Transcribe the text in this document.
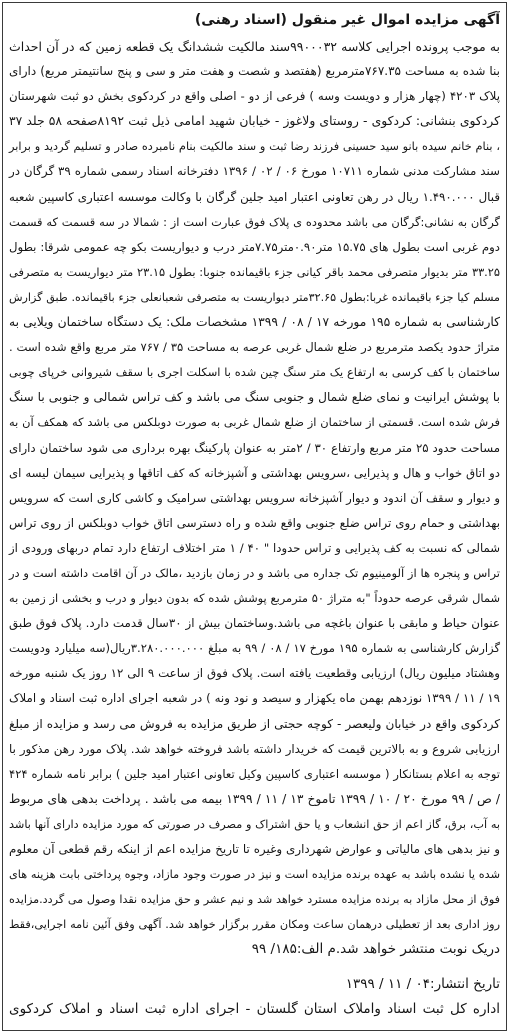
آگهی مزایده اموال غیر منقول (اسناد رهنی)
به موجب پرونده اجرایی کلاسه ۹۹۰۰۰۳۲سند مالکیت ششدانگ یک قطعه زمین که در آن احداث
بنا شده به مساحت ۷۶۷.۳۵مترمربع (هفتصد و شصت و هفت متر و سی و پنج سانتیمتر مربع) دارای
پلاک ۴۲۰۳ (چهار هزار و دویست وسه ) فرعی از دو - اصلی واقع در کردکوی بخش دو ثبت شهرستان
کردکوی بنشانی: کردکوی - روستای ولاغوز - خیابان شهید امامی ذیل ثبت ۸۱۹۲صفحه ۵۸ جلد ۳۷
، بنام خانم سیده بانو سید حسینی فرزند رضا ثبت و سند مالکیت بنام نامبرده صادر و تسلیم گردید و برابر
سند مشارکت مدنی شماره ۱۰۷۱۱ مورخ ۰۶ / ۰۲ / ۱۳۹۶ دفترخانه اسناد رسمی شماره ۳۹ گرگان در
قبال ۱.۴۹۰.۰۰۰ ریال در رهن تعاونی اعتبار امید جلین گرگان با وکالت موسسه اعتباری کاسپین شعبه
گرگان به نشانی:گرگان می باشد محدوده ی پلاک فوق عبارت است از : شمالا در سه قسمت که قسمت
دوم غربی است بطول های ۱۵.۷۵ متر۰.۹۰متر۷.۷۵متر درب و دیواریست بکو چه عمومی شرقا: بطول
۳۳.۲۵ متر بدیوار متصرفی محمد باقر کیانی جزء باقیمانده جنوبا: بطول ۲۳.۱۵ متر دیواریست به متصرفی
مسلم کیا جزء باقیمانده غربا:بطول ۳۲.۶۵متر دیواریست به متصرفی شعبانعلی جزء باقیمانده. طبق گزارش
کارشناسی به شماره ۱۹۵ مورخه ۱۷ / ۰۸ / ۱۳۹۹ مشخصات ملک: یک دستگاه ساختمان ویلایی به
متراژ حدود یکصد مترمربع در ضلع شمال غربی عرصه به مساحت ۳۵ / ۷۶۷ متر مربع واقع شده است .
ساختمان با کف کرسی به ارتفاع یک متر سنگ چین شده با اسکلت اجری با سقف شیروانی خرپای چوبی
با پوشش ایرانیت و نمای ضلع شمال و جنوبی سنگ می باشد و کف تراس شمالی و جنوبی با سنگ
فرش شده است. قسمتی از ساختمان از ضلع شمال غربی به صورت دوبلکس می باشد که همکف آن به
مساحت حدود ۲۵ متر مربع وارتفاع ۳۰ / ۲متر به عنوان پارکینگ بهره برداری می شود ساختمان دارای
دو اتاق خواب و هال و پذیرایی ،سرویس بهداشتی و آشپزخانه که کف اتاقها و پذیرایی سیمان لیسه ای
و دیوار و سقف آن اندود و دیوار آشپزخانه سرویس بهداشتی سرامیک و کاشی کاری است که سرویس
بهداشتی و حمام روی تراس ضلع جنوبی واقع شده و راه دسترسی اتاق خواب دوبلکس از روی تراس
شمالی که نسبت به کف پذیرایی و تراس حدودا " ۴۰ / ۱ متر اختلاف ارتفاع دارد تمام دربهای ورودی از
تراس و پنجره ها از آلومینیوم تک جداره می باشد و در زمان بازدید ،مالک در آن اقامت داشته است و در
شمال شرقی عرصه حدوداً "به متراژ ۵۰ مترمربع پوشش شده که بدون دیوار و درب و بخشی از زمین به
عنوان حیاط و مابقی با عنوان باغچه می باشد.وساختمان بیش از ۳۰سال قدمت دارد. پلاک فوق طبق
گزارش کارشناسی به شماره ۱۹۵ مورخ ۱۷ / ۰۸ / ۹۹ به مبلغ ۳.۲۸۰.۰۰۰.۰۰۰ریال(سه میلیارد ودویست
وهشتاد میلیون ریال) ارزیابی وقطعیت یافته است. پلاک فوق از ساعت ۹ الی ۱۲ روز یک شنبه مورخه
۱۹ / ۱۱ / ۱۳۹۹ نوزدهم بهمن ماه یکهزار و سیصد و نود ونه ) در شعبه اجرای اداره ثبت اسناد و املاک
کردکوی واقع در خیابان ولیعصر - کوچه حجتی از طریق مزایده به فروش می رسد و مزایده از مبلغ
ارزیابی شروع و به بالاترین قیمت که خریدار داشته باشد فروخته خواهد شد. پلاک مورد رهن مذکور با
توجه به اعلام بستانکار ( موسسه اعتباری کاسپین وکیل تعاونی اعتبار امید جلین ) برابر نامه شماره ۴۲۴
/ ص / ۹۹ مورخ ۲۰ / ۱۰ / ۱۳۹۹ تاموخ ۱۳ / ۱۱ / ۱۳۹۹ بیمه می باشد . پرداخت بدهی های مربوط
به آب، برق، گاز اعم از حق انشعاب و یا حق اشتراک و مصرف در صورتی که مورد مزایده دارای آنها باشد
و نیز بدهی های مالیاتی و عوارض شهرداری وغیره تا تاریخ مزایده اعم از اینکه رقم قطعی آن معلوم
شده یا نشده باشد به عهده برنده مزایده است و نیز در صورت وجود مازاد، وجوه پرداختی بابت هزینه های
فوق از محل مازاد به برنده مزایده مسترد خواهد شد و نیم عشر و حق مزایده نقدا وصول می گردد.مزایده
روز اداری بعد از تعطیلی درهمان ساعت ومکان مقرر برگزار خواهد شد. آگهی وفق آئین نامه اجرایی،فقط
دریک نوبت منتشر خواهد شد.م الف:۱۸۵/ ۹۹
تاریخ انتشار:۰۴ / ۱۱ / ۱۳۹۹
اداره کل ثبت اسناد واملاک استان گلستان - اجرای اداره ثبت اسناد و املاک کردکوی
